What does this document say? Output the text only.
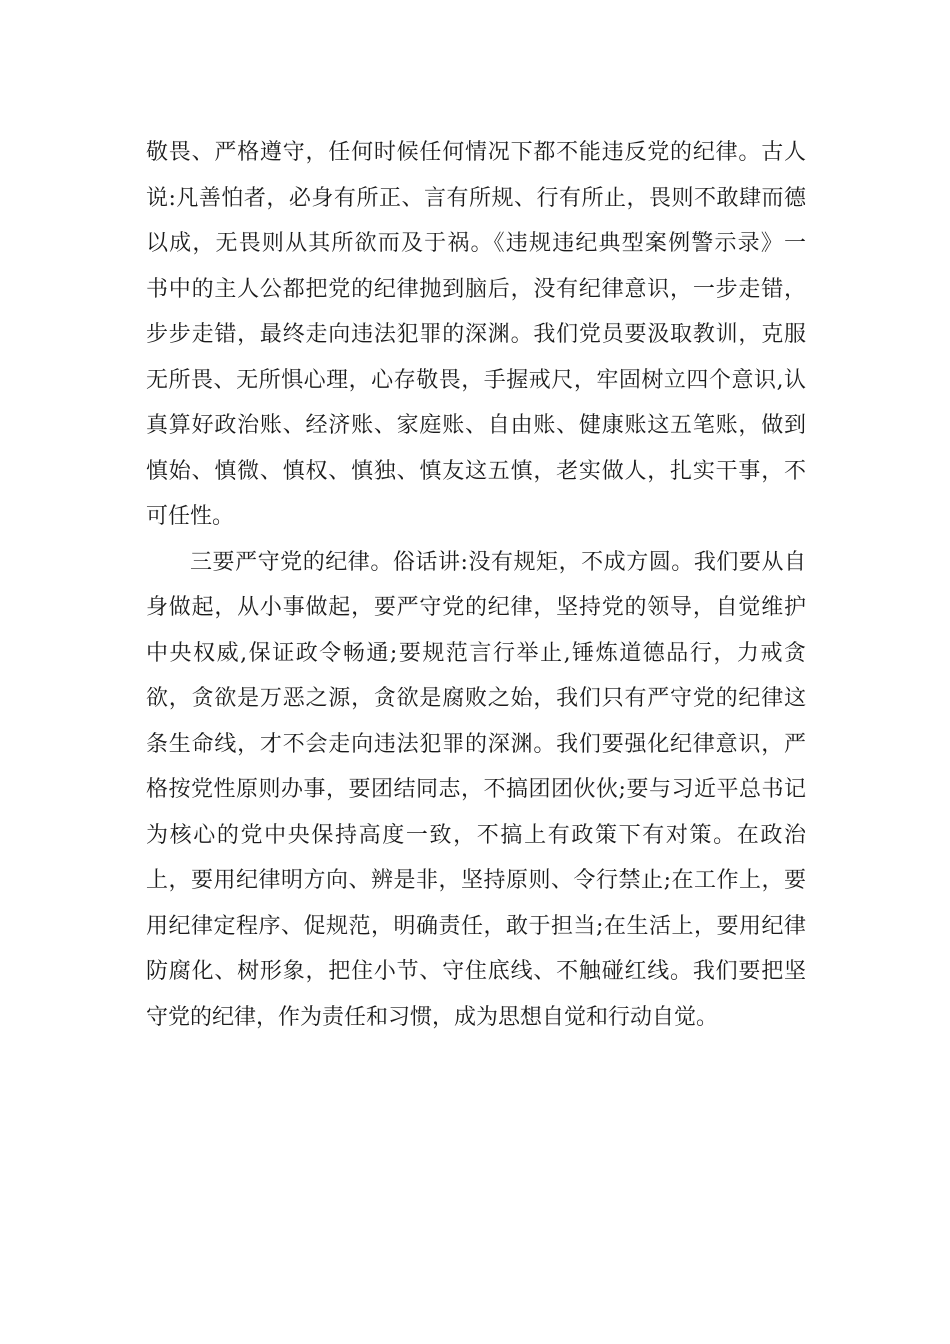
敬畏、严格遵守，任何时候任何情况下都不能违反党的纪律。古人
说:凡善怕者，必身有所正、言有所规、行有所止，畏则不敢肆而德
以成，无畏则从其所欲而及于祸。《违规违纪典型案例警示录》一
书中的主人公都把党的纪律抛到脑后，没有纪律意识，一步走错，
步步走错，最终走向违法犯罪的深渊。我们党员要汲取教训，克服
无所畏、无所惧心理，心存敬畏，手握戒尺，牢固树立四个意识,认
真算好政治账、经济账、家庭账、自由账、健康账这五笔账，做到
慎始、慎微、慎权、慎独、慎友这五慎，老实做人，扎实干事，不
可任性。
三要严守党的纪律。俗话讲:没有规矩，不成方圆。我们要从自
身做起，从小事做起，要严守党的纪律，坚持党的领导，自觉维护
中央权威,保证政令畅通;要规范言行举止,锤炼道德品行，力戒贪
欲，贪欲是万恶之源，贪欲是腐败之始，我们只有严守党的纪律这
条生命线，才不会走向违法犯罪的深渊。我们要强化纪律意识，严
格按党性原则办事，要团结同志，不搞团团伙伙;要与习近平总书记
为核心的党中央保持高度一致，不搞上有政策下有对策。在政治
上，要用纪律明方向、辨是非，坚持原则、令行禁止;在工作上，要
用纪律定程序、促规范，明确责任，敢于担当;在生活上，要用纪律
防腐化、树形象，把住小节、守住底线、不触碰红线。我们要把坚
守党的纪律，作为责任和习惯，成为思想自觉和行动自觉。
